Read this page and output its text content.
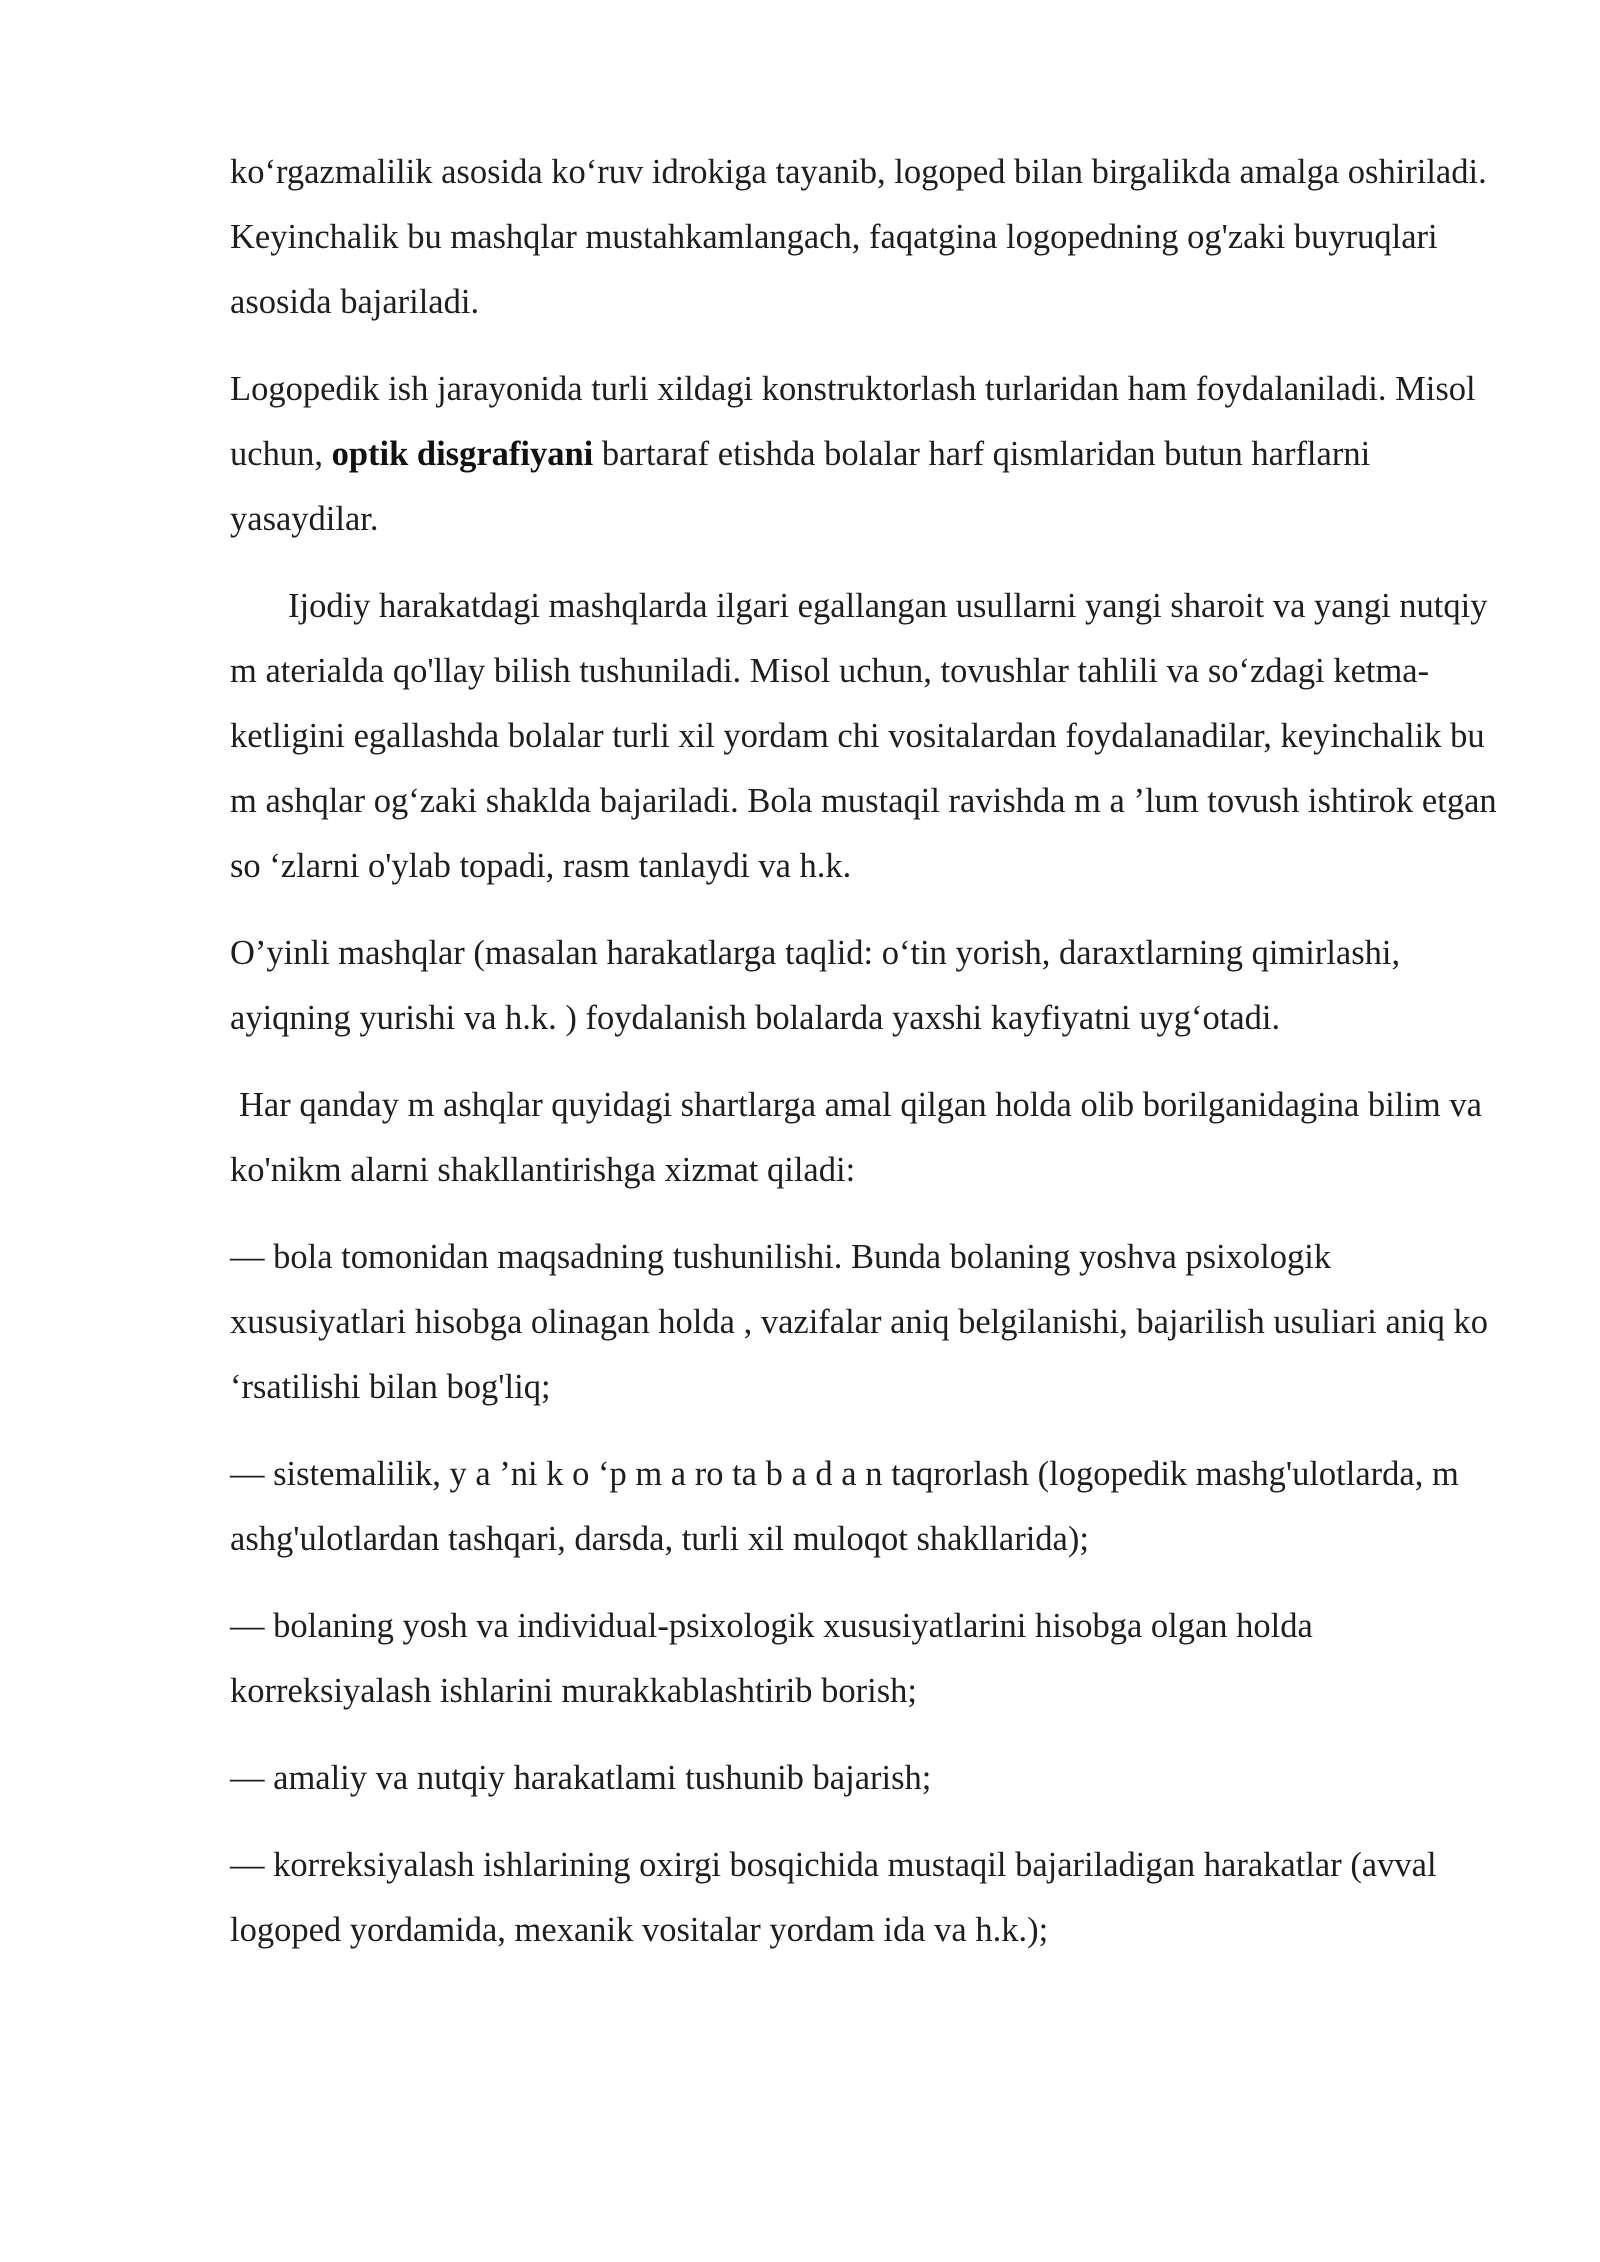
ko‘rgazmalilik asosida ko‘ruv idrokiga tayanib, logoped bilan birgalikda amalga oshiriladi. Keyinchalik bu mashqlar mustahkamlangach, faqatgina logopedning og'zaki buyruqlari asosida bajariladi.

Logopedik ish jarayonida turli xildagi konstruktorlash turlaridan ham foydalaniladi. Misol uchun, optik disgrafiyani bartaraf etishda bolalar harf qismlaridan butun harflarni yasaydilar.

Ijodiy harakatdagi mashqlarda ilgari egallangan usullarni yangi sharoit va yangi nutqiy m aterialda qo'llay bilish tushuniladi. Misol uchun, tovushlar tahlili va so‘zdagi ketma-ketligini egallashda bolalar turli xil yordam chi vositalardan foydalanadilar, keyinchalik bu m ashqlar og‘zaki shaklda bajariladi. Bola mustaqil ravishda m a ’lum tovush ishtirok etgan so ‘zlarni o'ylab topadi, rasm tanlaydi va h.k.

O’yinli mashqlar (masalan harakatlarga taqlid: o‘tin yorish, daraxtlarning qimirlashi, ayiqning yurishi va h.k. ) foydalanish bolalarda yaxshi kayfiyatni uyg‘otadi.

Har qanday m ashqlar quyidagi shartlarga amal qilgan holda olib borilganidagina bilim va ko'nikm alarni shakllantirishga xizmat qiladi:

— bola tomonidan maqsadning tushunilishi. Bunda bolaning yoshva psixologik xususiyatlari hisobga olinagan holda , vazifalar aniq belgilanishi, bajarilish usuliari aniq ko ‘rsatilishi bilan bog'liq;

— sistemalilik, y a ’ni k o ‘p m a ro ta b a d a n taqrorlash (logopedik mashg'ulotlarda, m ashg'ulotlardan tashqari, darsda, turli xil muloqot shakllarida);

— bolaning yosh va individual-psixologik xususiyatlarini hisobga olgan holda korreksiyalash ishlarini murakkablashtirib borish;

— amaliy va nutqiy harakatlami tushunib bajarish;

— korreksiyalash ishlarining oxirgi bosqichida mustaqil bajariladigan harakatlar (avval logoped yordamida, mexanik vositalar yordam ida va h.k.);
